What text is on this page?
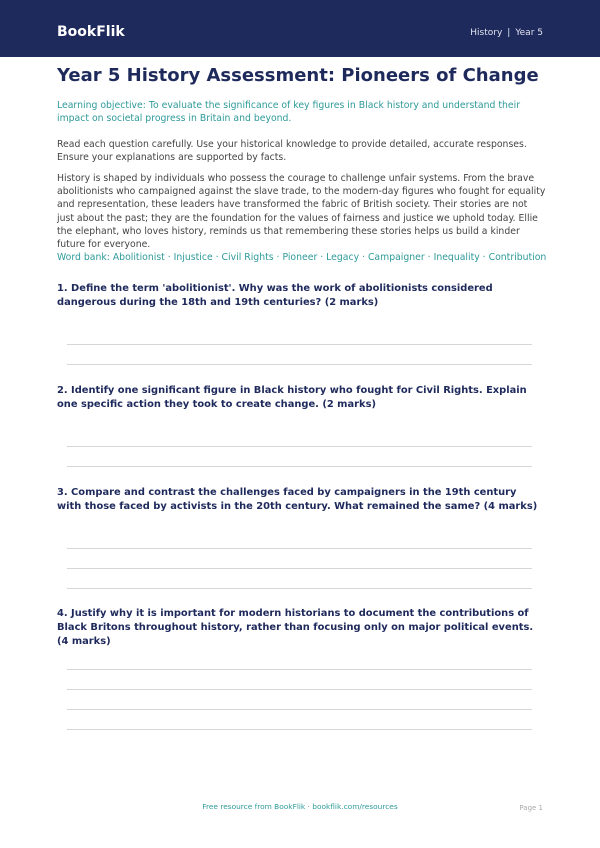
BookFlik	History | Year 5
Year 5 History Assessment: Pioneers of Change
Learning objective: To evaluate the significance of key figures in Black history and understand their impact on societal progress in Britain and beyond.
Read each question carefully. Use your historical knowledge to provide detailed, accurate responses. Ensure your explanations are supported by facts.
History is shaped by individuals who possess the courage to challenge unfair systems. From the brave abolitionists who campaigned against the slave trade, to the modern-day figures who fought for equality and representation, these leaders have transformed the fabric of British society. Their stories are not just about the past; they are the foundation for the values of fairness and justice we uphold today. Ellie the elephant, who loves history, reminds us that remembering these stories helps us build a kinder future for everyone.
Word bank: Abolitionist · Injustice · Civil Rights · Pioneer · Legacy · Campaigner · Inequality · Contribution
1. Define the term 'abolitionist'. Why was the work of abolitionists considered dangerous during the 18th and 19th centuries? (2 marks)
2. Identify one significant figure in Black history who fought for Civil Rights. Explain one specific action they took to create change. (2 marks)
3. Compare and contrast the challenges faced by campaigners in the 19th century with those faced by activists in the 20th century. What remained the same? (4 marks)
4. Justify why it is important for modern historians to document the contributions of Black Britons throughout history, rather than focusing only on major political events. (4 marks)
Free resource from BookFlik · bookflik.com/resources	Page 1
